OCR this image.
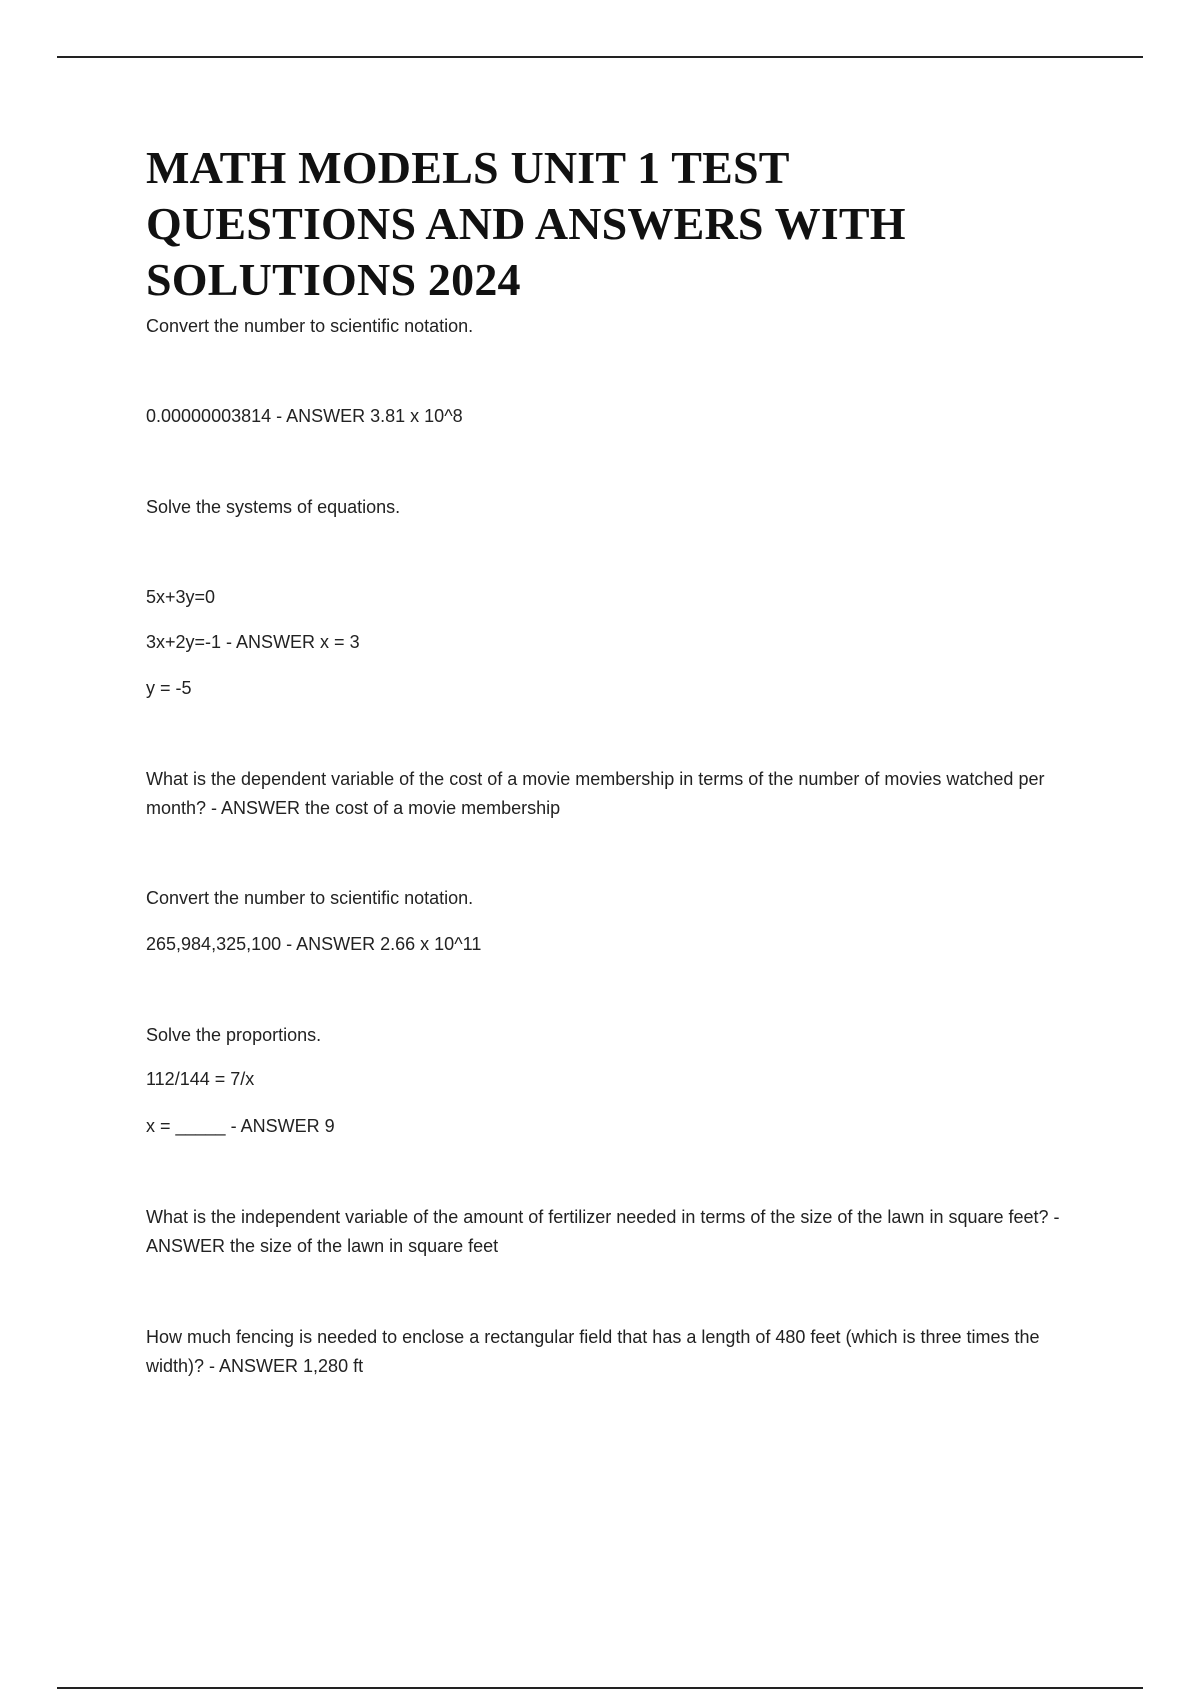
MATH MODELS UNIT 1 TEST
QUESTIONS AND ANSWERS WITH
SOLUTIONS 2024

Convert the number to scientific notation.

0.00000003814 - ANSWER 3.81 x 10^8

Solve the systems of equations.

5x+3y=0

3x+2y=-1 - ANSWER x = 3

y = -5

What is the dependent variable of the cost of a movie membership in terms of the number of movies watched per month? - ANSWER the cost of a movie membership

Convert the number to scientific notation.

265,984,325,100 - ANSWER 2.66 x 10^11

Solve the proportions.

112/144 = 7/x

x = _____ - ANSWER 9

What is the independent variable of the amount of fertilizer needed in terms of the size of the lawn in square feet? - ANSWER the size of the lawn in square feet

How much fencing is needed to enclose a rectangular field that has a length of 480 feet (which is three times the width)? - ANSWER 1,280 ft
